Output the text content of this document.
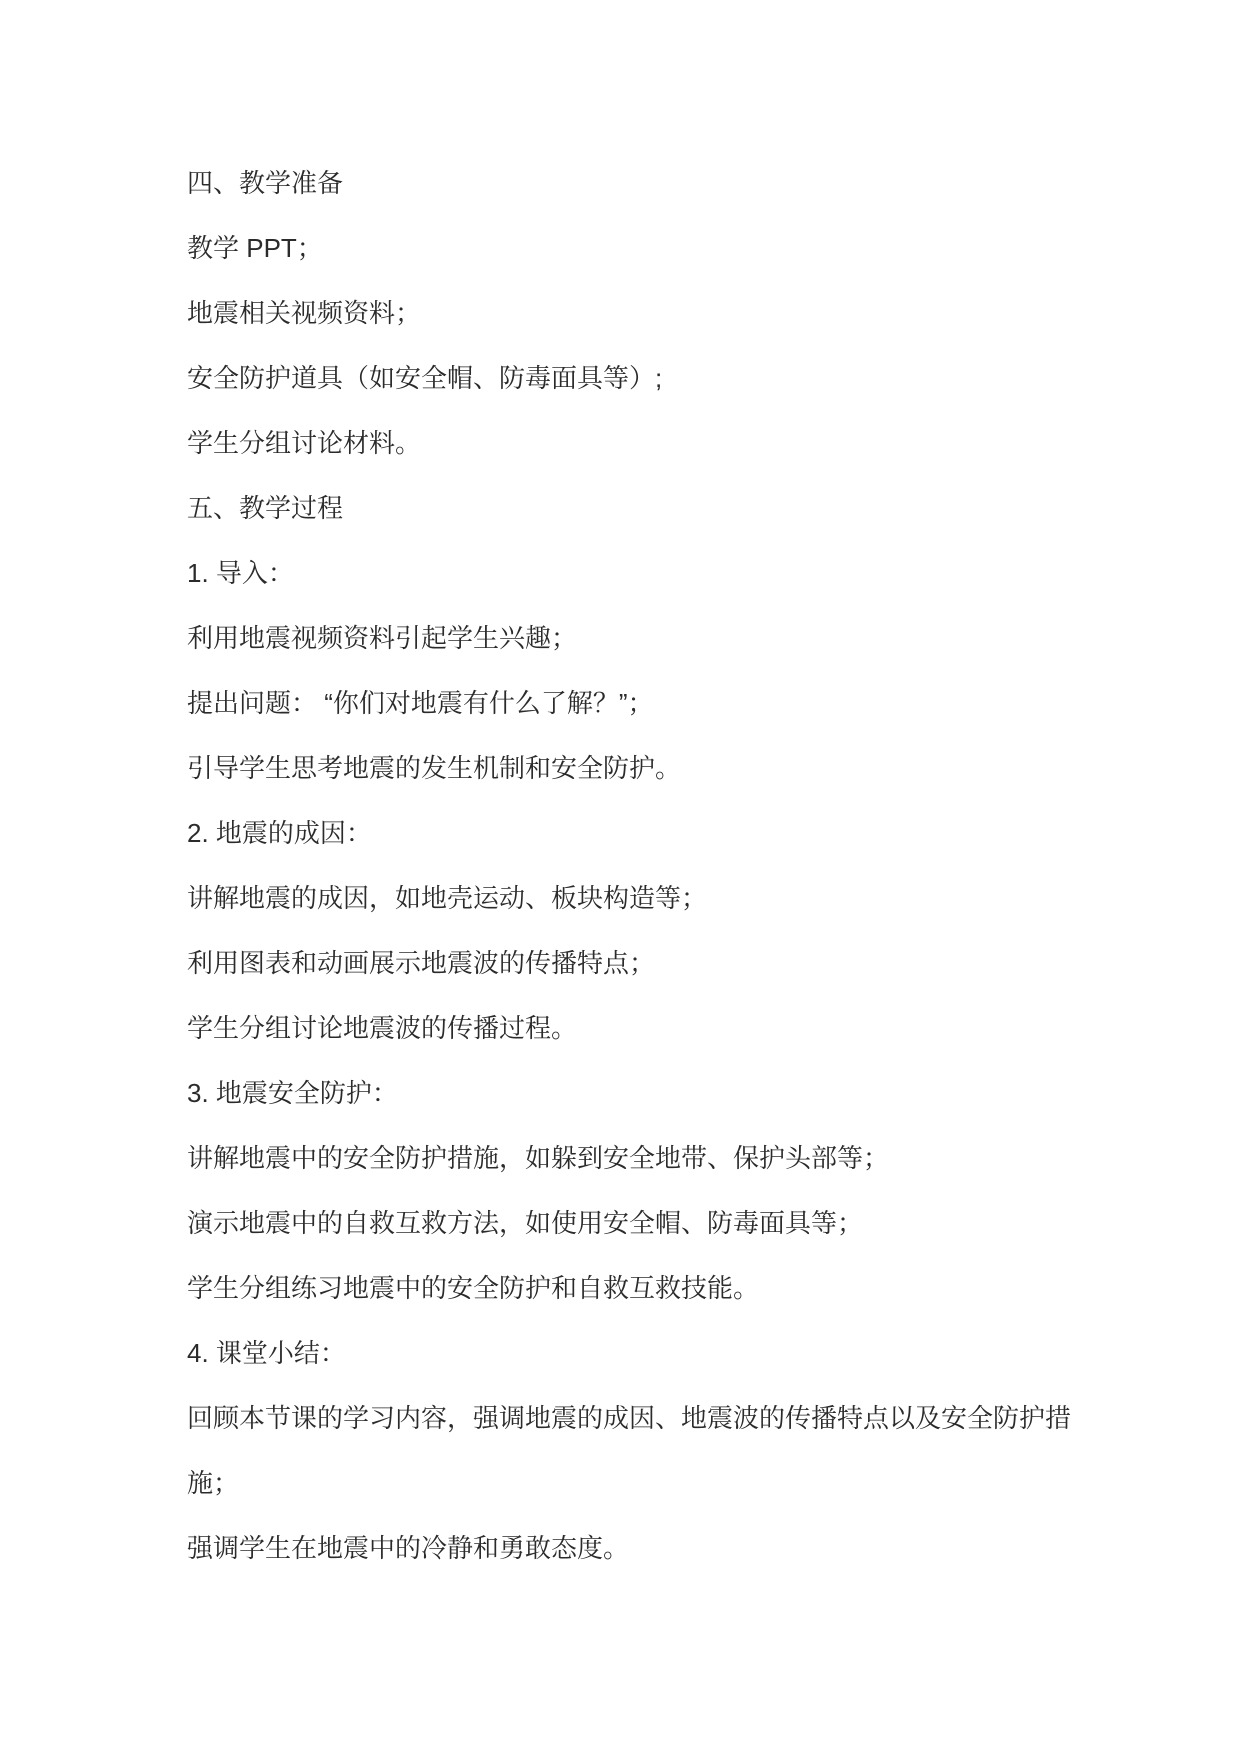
四、教学准备

教学 PPT；

地震相关视频资料；

安全防护道具（如安全帽、防毒面具等）;

学生分组讨论材料。

五、教学过程

1. 导入：

利用地震视频资料引起学生兴趣；

提出问题： “你们对地震有什么了解？”；

引导学生思考地震的发生机制和安全防护。

2. 地震的成因：

讲解地震的成因，如地壳运动、板块构造等；

利用图表和动画展示地震波的传播特点；

学生分组讨论地震波的传播过程。

3. 地震安全防护：

讲解地震中的安全防护措施，如躲到安全地带、保护头部等；

演示地震中的自救互救方法，如使用安全帽、防毒面具等；

学生分组练习地震中的安全防护和自救互救技能。

4. 课堂小结：

回顾本节课的学习内容，强调地震的成因、地震波的传播特点以及安全防护措

施；

强调学生在地震中的冷静和勇敢态度。
